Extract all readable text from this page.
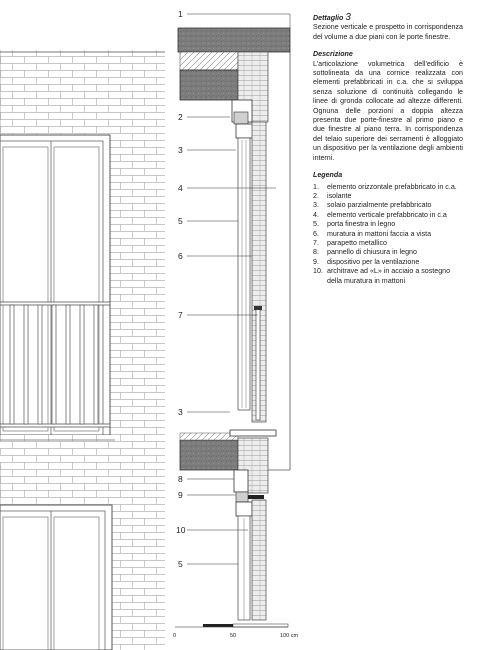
1
2
3
4
5
6
7
3
8
9
10
5
0	50	100 cm

Dettaglio 3

Sezione verticale e prospetto in corrispondenza del volume a due piani con le porte finestre.

Descrizione

L’articolazione volumetrica dell’edificio è sottolineata da una cornice realizzata con elementi prefabbricati in c.a. che si sviluppa senza soluzione di continuità collegando le linee di gronda collocate ad altezze differenti. Ognuna delle porzioni a doppia altezza presenta due porte-finestre al primo piano e due finestre al piano terra. In corrispondenza del telaio superiore dei serramenti è alloggiato un dispositivo per la ventilazione degli ambienti interni.

Legenda

1.	elemento orizzontale prefabbricato in c.a.
2.	isolante
3.	solaio parzialmente prefabbricato
4.	elemento verticale prefabbricato in c.a
5.	porta finestra in legno
6.	muratura in mattoni faccia a vista
7.	parapetto metallico
8.	pannello di chiusura in legno
9.	dispositivo per la ventilazione
10. architrave ad «L» in acciaio a sostegno della muratura in mattoni
